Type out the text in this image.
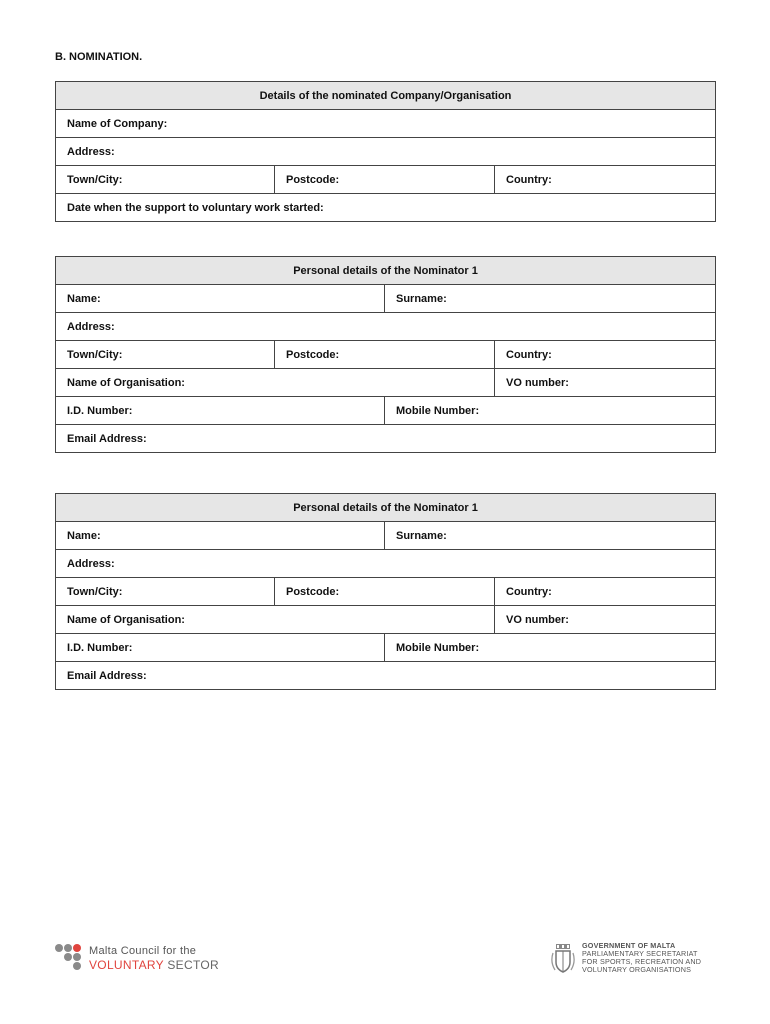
B. NOMINATION.
Details of the nominated Company/Organisation
Name of Company:
Address:
Town/City:	Postcode:	Country:
Date when the support to voluntary work started:
Personal details of the Nominator 1			
Name:		Surname:	
Address:			
Town/City:	Postcode:		Country:
Name of Organisation:			VO number:
I.D. Number:		Mobile Number:	
Email Address:			
Personal details of the Nominator 1			
Name:		Surname:	
Address:			
Town/City:	Postcode:		Country:
Name of Organisation:			VO number:
I.D. Number:		Mobile Number:	
Email Address:			
Malta Council for the
VOLUNTARY SECTOR
GOVERNMENT OF MALTA
PARLIAMENTARY SECRETARIAT
FOR SPORTS, RECREATION AND
VOLUNTARY ORGANISATIONS
